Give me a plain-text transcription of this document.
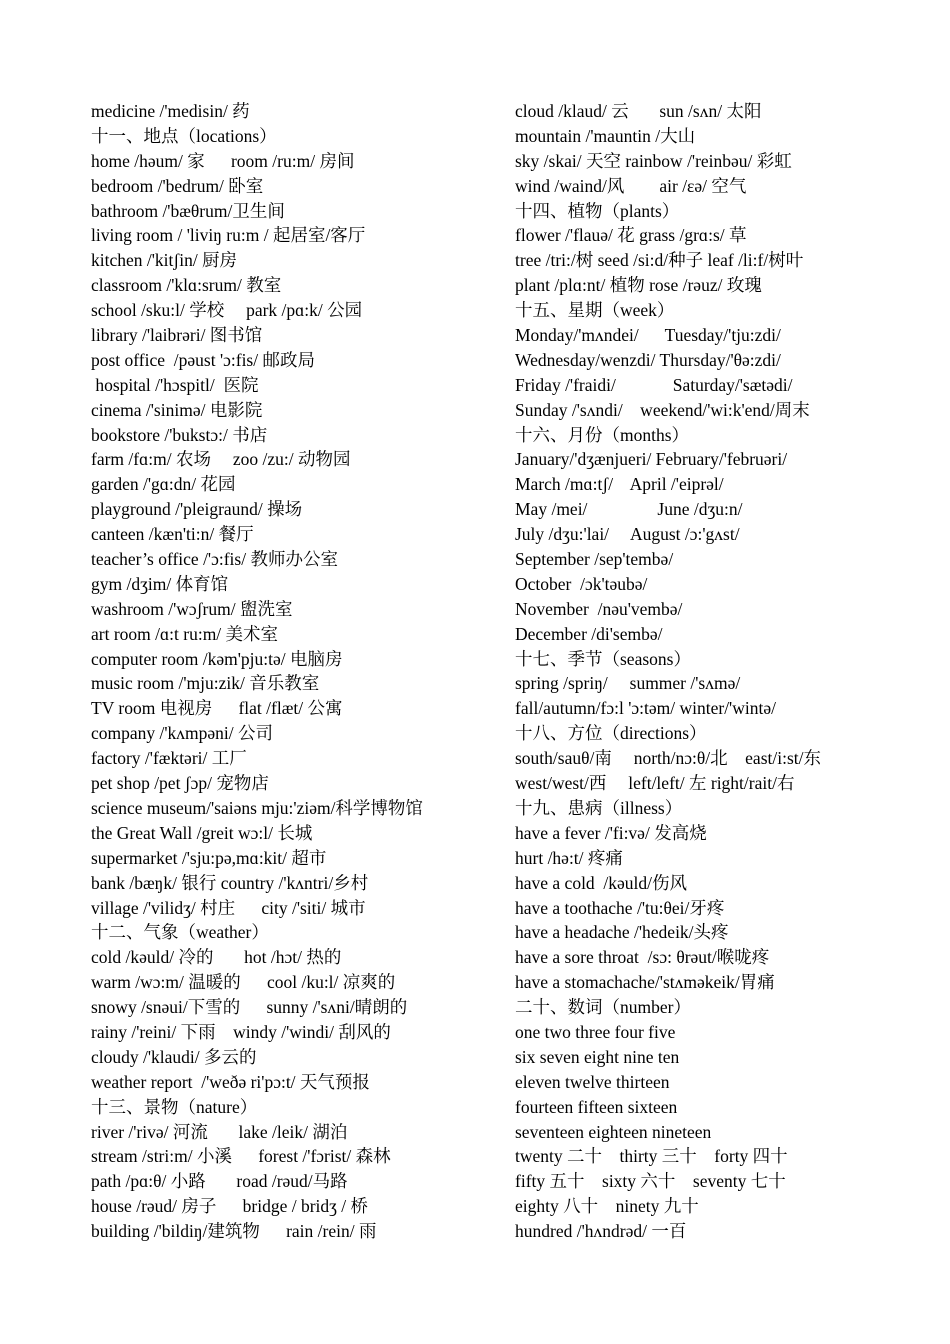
medicine /'medisin/ 药
十一、地点（locations）
home /həum/ 家      room /ru:m/ 房间
bedroom /'bedrum/ 卧室
bathroom /'bæθrum/卫生间
living room / 'liviŋ ru:m / 起居室/客厅
kitchen /'kitʃin/ 厨房
classroom /'klɑ:srum/ 教室
school /sku:l/ 学校     park /pɑ:k/ 公园
library /'laibrəri/ 图书馆
post office  /pəust 'ɔ:fis/ 邮政局
hospital /'hɔspitl/  医院
cinema /'sinimə/ 电影院
bookstore /'bukstɔ:/ 书店
farm /fɑ:m/ 农场     zoo /zu:/ 动物园
garden /'gɑ:dn/ 花园
playground /'pleigraund/ 操场
canteen /kæn'ti:n/ 餐厅
teacher’s office /'ɔ:fis/ 教师办公室
gym /dʒim/ 体育馆
washroom /'wɔʃrum/ 盥洗室
art room /ɑ:t ru:m/ 美术室
computer room /kəm'pju:tə/ 电脑房
music room /'mju:zik/ 音乐教室
TV room 电视房      flat /flæt/ 公寓
company /'kʌmpəni/ 公司
factory /'fæktəri/ 工厂
pet shop /pet ʃɔp/ 宠物店
science museum/'saiəns mju:'ziəm/科学博物馆
the Great Wall /greit wɔ:l/ 长城
supermarket /'sju:pə,mɑ:kit/ 超市
bank /bæŋk/ 银行 country /'kʌntri/乡村
village /'vilidʒ/ 村庄      city /'siti/ 城市
十二、气象（weather）
cold /kəuld/ 冷的       hot /hɔt/ 热的
warm /wɔ:m/ 温暖的      cool /ku:l/ 凉爽的
snowy /snəui/下雪的      sunny /'sʌni/晴朗的
rainy /'reini/ 下雨    windy /'windi/ 刮风的
cloudy /'klaudi/ 多云的
weather report  /'weðə ri'pɔ:t/ 天气预报
十三、景物（nature）
river /'rivə/ 河流       lake /leik/ 湖泊
stream /stri:m/ 小溪      forest /'fɔrist/ 森林
path /pɑ:θ/ 小路       road /rəud/马路
house /rəud/ 房子      bridge / bridʒ / 桥
building /'bildiŋ/建筑物      rain /rein/ 雨
cloud /klaud/ 云       sun /sʌn/ 太阳
mountain /'mauntin /大山
sky /skai/ 天空 rainbow /'reinbəu/ 彩虹
wind /waind/风        air /εə/ 空气
十四、植物（plants）
flower /'flauə/ 花 grass /grɑ:s/ 草
tree /tri:/树 seed /si:d/种子 leaf /li:f/树叶
plant /plɑ:nt/ 植物 rose /rəuz/ 玫瑰
十五、星期（week）
Monday/'mʌndei/      Tuesday/'tju:zdi/
Wednesday/wenzdi/ Thursday/'θə:zdi/
Friday /'fraidi/             Saturday/'sætədi/
Sunday /'sʌndi/    weekend/'wi:k'end/周末
十六、月份（months）
January/'dʒænjueri/ February/'februəri/
March /mɑ:tʃ/    April /'eiprəl/
May /mei/                June /dʒu:n/
July /dʒu:'lai/     August /ɔ:'gʌst/
September /sep'tembə/
October  /ɔk'təubə/
November  /nəu'vembə/
December /di'sembə/
十七、季节（seasons）
spring /spriŋ/     summer /'sʌmə/
fall/autumn/fɔ:l 'ɔ:təm/ winter/'wintə/
十八、方位（directions）
south/sauθ/南     north/nɔ:θ/北    east/i:st/东
west/west/西     left/left/ 左 right/rait/右
十九、患病（illness）
have a fever /'fi:və/ 发高烧
hurt /hə:t/ 疼痛
have a cold  /kəuld/伤风
have a toothache /'tu:θei/牙疼
have a headache /'hedeik/头疼
have a sore throat  /sɔ: θrəut/喉咙疼
have a stomachache/'stʌməkeik/胃痛
二十、数词（number）
one two three four five
six seven eight nine ten
eleven twelve thirteen
fourteen fifteen sixteen
seventeen eighteen nineteen
twenty 二十    thirty 三十    forty 四十
fifty 五十    sixty 六十    seventy 七十
eighty 八十    ninety 九十
hundred /'hʌndrəd/ 一百
